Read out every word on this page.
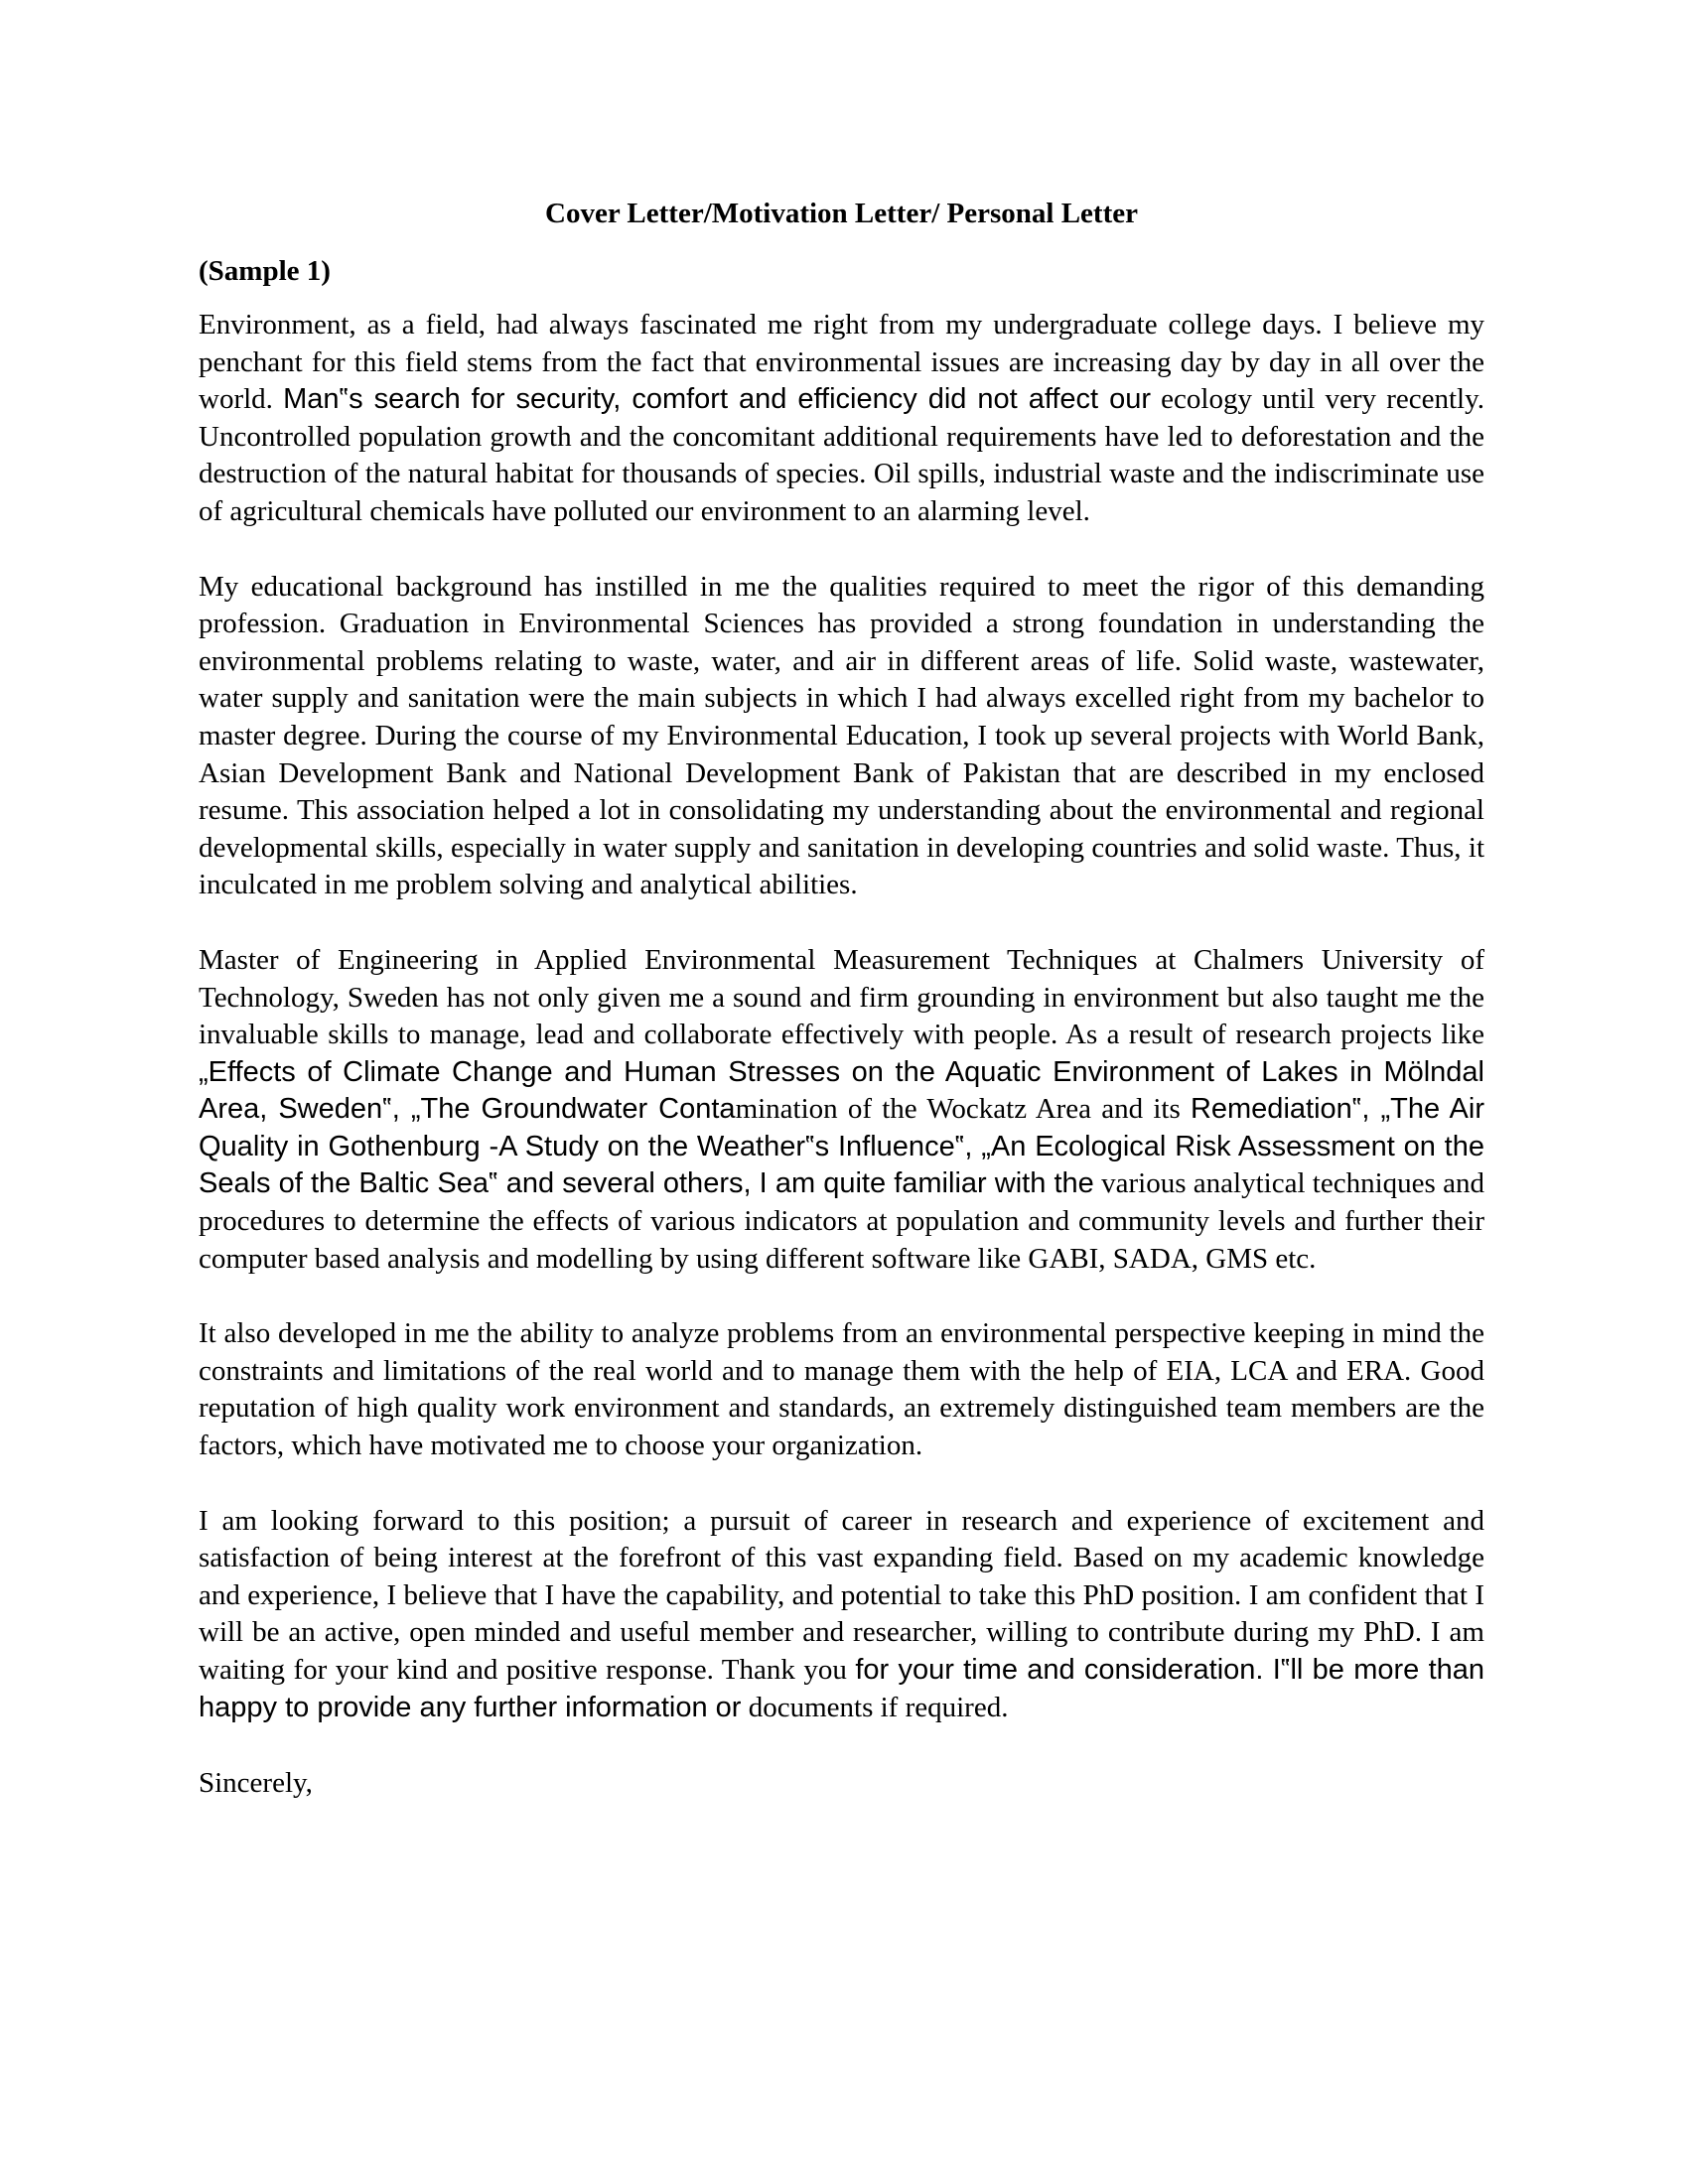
Cover Letter/Motivation Letter/ Personal Letter
(Sample 1)

Environment, as a field, had always fascinated me right from my undergraduate college days. I believe my penchant for this field stems from the fact that environmental issues are increasing day by day in all over the world. Man‟s search for security, comfort and efficiency did not affect our ecology until very recently. Uncontrolled population growth and the concomitant additional requirements have led to deforestation and the destruction of the natural habitat for thousands of species. Oil spills, industrial waste and the indiscriminate use of agricultural chemicals have polluted our environment to an alarming level.

My educational background has instilled in me the qualities required to meet the rigor of this demanding profession. Graduation in Environmental Sciences has provided a strong foundation in understanding the environmental problems relating to waste, water, and air in different areas of life. Solid waste, wastewater, water supply and sanitation were the main subjects in which I had always excelled right from my bachelor to master degree. During the course of my Environmental Education, I took up several projects with World Bank, Asian Development Bank and National Development Bank of Pakistan that are described in my enclosed resume. This association helped a lot in consolidating my understanding about the environmental and regional developmental skills, especially in water supply and sanitation in developing countries and solid waste. Thus, it inculcated in me problem solving and analytical abilities.

Master of Engineering in Applied Environmental Measurement Techniques at Chalmers University of Technology, Sweden has not only given me a sound and firm grounding in environment but also taught me the invaluable skills to manage, lead and collaborate effectively with people. As a result of research projects like „Effects of Climate Change and Human Stresses on the Aquatic Environment of Lakes in Mölndal Area, Sweden‟, „The Groundwater Contamination of the Wockatz Area and its Remediation‟, „The Air Quality in Gothenburg -A Study on the Weather‟s Influence‟, „An Ecological Risk Assessment on the Seals of the Baltic Sea‟ and several others, I am quite familiar with the various analytical techniques and procedures to determine the effects of various indicators at population and community levels and further their computer based analysis and modelling by using different software like GABI, SADA, GMS etc.

It also developed in me the ability to analyze problems from an environmental perspective keeping in mind the constraints and limitations of the real world and to manage them with the help of EIA, LCA and ERA. Good reputation of high quality work environment and standards, an extremely distinguished team members are the factors, which have motivated me to choose your organization.

I am looking forward to this position; a pursuit of career in research and experience of excitement and satisfaction of being interest at the forefront of this vast expanding field. Based on my academic knowledge and experience, I believe that I have the capability, and potential to take this PhD position. I am confident that I will be an active, open minded and useful member and researcher, willing to contribute during my PhD. I am waiting for your kind and positive response. Thank you for your time and consideration. I‟ll be more than happy to provide any further information or documents if required.

Sincerely,
